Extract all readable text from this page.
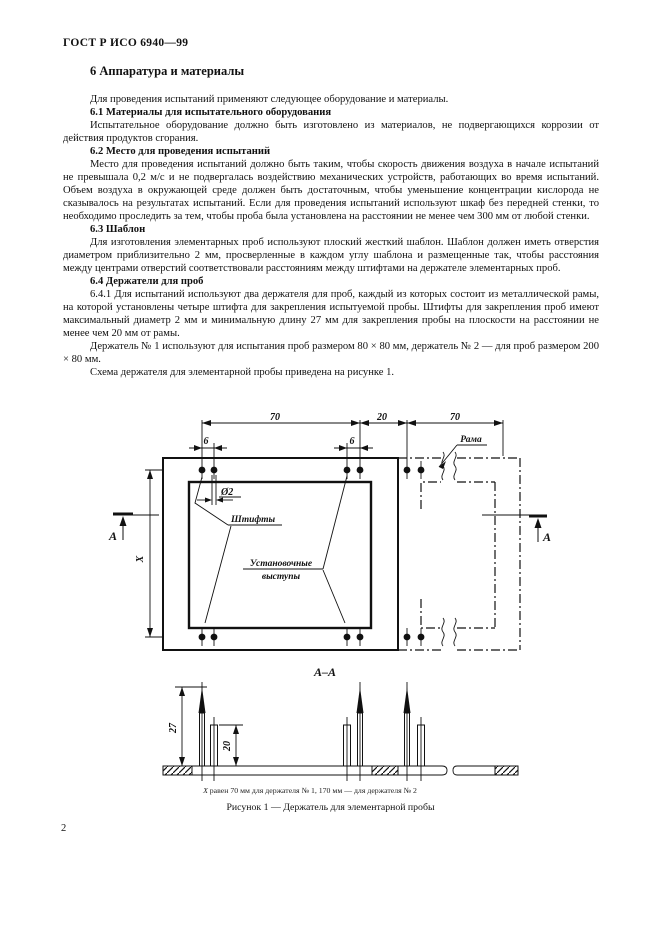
ГОСТ Р ИСО 6940—99
6 Аппаратура и материалы

Для проведения испытаний применяют следующее оборудование и материалы.

6.1 Материалы для испытательного оборудования

Испытательное оборудование должно быть изготовлено из материалов, не подвергающихся коррозии от действия продуктов сгорания.

6.2 Место для проведения испытаний

Место для проведения испытаний должно быть таким, чтобы скорость движения воздуха в начале испытаний не превышала 0,2 м/с и не подвергалась воздействию механических устройств, работающих во время испытаний. Объем воздуха в окружающей среде должен быть достаточным, чтобы уменьшение концентрации кислорода не сказывалось на результатах испытаний. Если для проведения испытаний используют шкаф без передней стенки, то необходимо проследить за тем, чтобы проба была установлена на расстоянии не менее чем 300 мм от любой стенки.

6.3 Шаблон

Для изготовления элементарных проб используют плоский жесткий шаблон. Шаблон должен иметь отверстия диаметром приблизительно 2 мм, просверленные в каждом углу шаблона и размещенные так, чтобы расстояния между центрами отверстий соответствовали расстояниям между штифтами на держателе элементарных проб.

6.4 Держатели для проб

6.4.1 Для испытаний используют два держателя для проб, каждый из которых состоит из металлической рамы, на которой установлены четыре штифта для закрепления испытуемой пробы. Штифты для закрепления проб имеют максимальный диаметр 2 мм и минимальную длину 27 мм для закрепления пробы на плоскости на расстоянии не менее чем 20 мм от рамы.

Держатель № 1 используют для испытания проб размером 80 × 80 мм, держатель № 2 — для проб размером 200 × 80 мм.

Схема держателя для элементарной пробы приведена на рисунке 1.

70	20	70
6	6
Ø2
Штифты
Установочные
выступы
Рама
X
A	A
А–А
27
20
X равен 70 мм для держателя № 1, 170 мм — для держателя № 2
Рисунок 1 — Держатель для элементарной пробы
2
